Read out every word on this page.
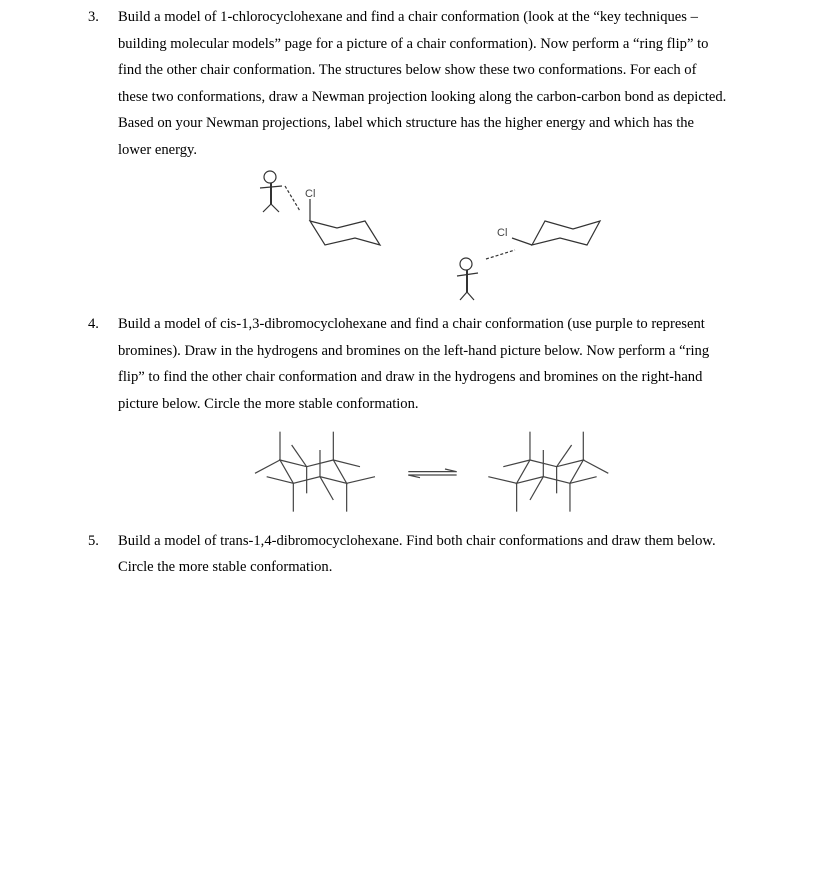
3. Build a model of 1-chlorocyclohexane and find a chair conformation (look at the “key techniques –
building molecular models” page for a picture of a chair conformation). Now perform a “ring flip” to
find the other chair conformation. The structures below show these two conformations. For each of
these two conformations, draw a Newman projection looking along the carbon-carbon bond as depicted.
Based on your Newman projections, label which structure has the higher energy and which has the
lower energy.
Cl
Cl
4. Build a model of cis-1,3-dibromocyclohexane and find a chair conformation (use purple to represent
bromines). Draw in the hydrogens and bromines on the left-hand picture below. Now perform a “ring
flip” to find the other chair conformation and draw in the hydrogens and bromines on the right-hand
picture below. Circle the more stable conformation.
5. Build a model of trans-1,4-dibromocyclohexane. Find both chair conformations and draw them below.
Circle the more stable conformation.
